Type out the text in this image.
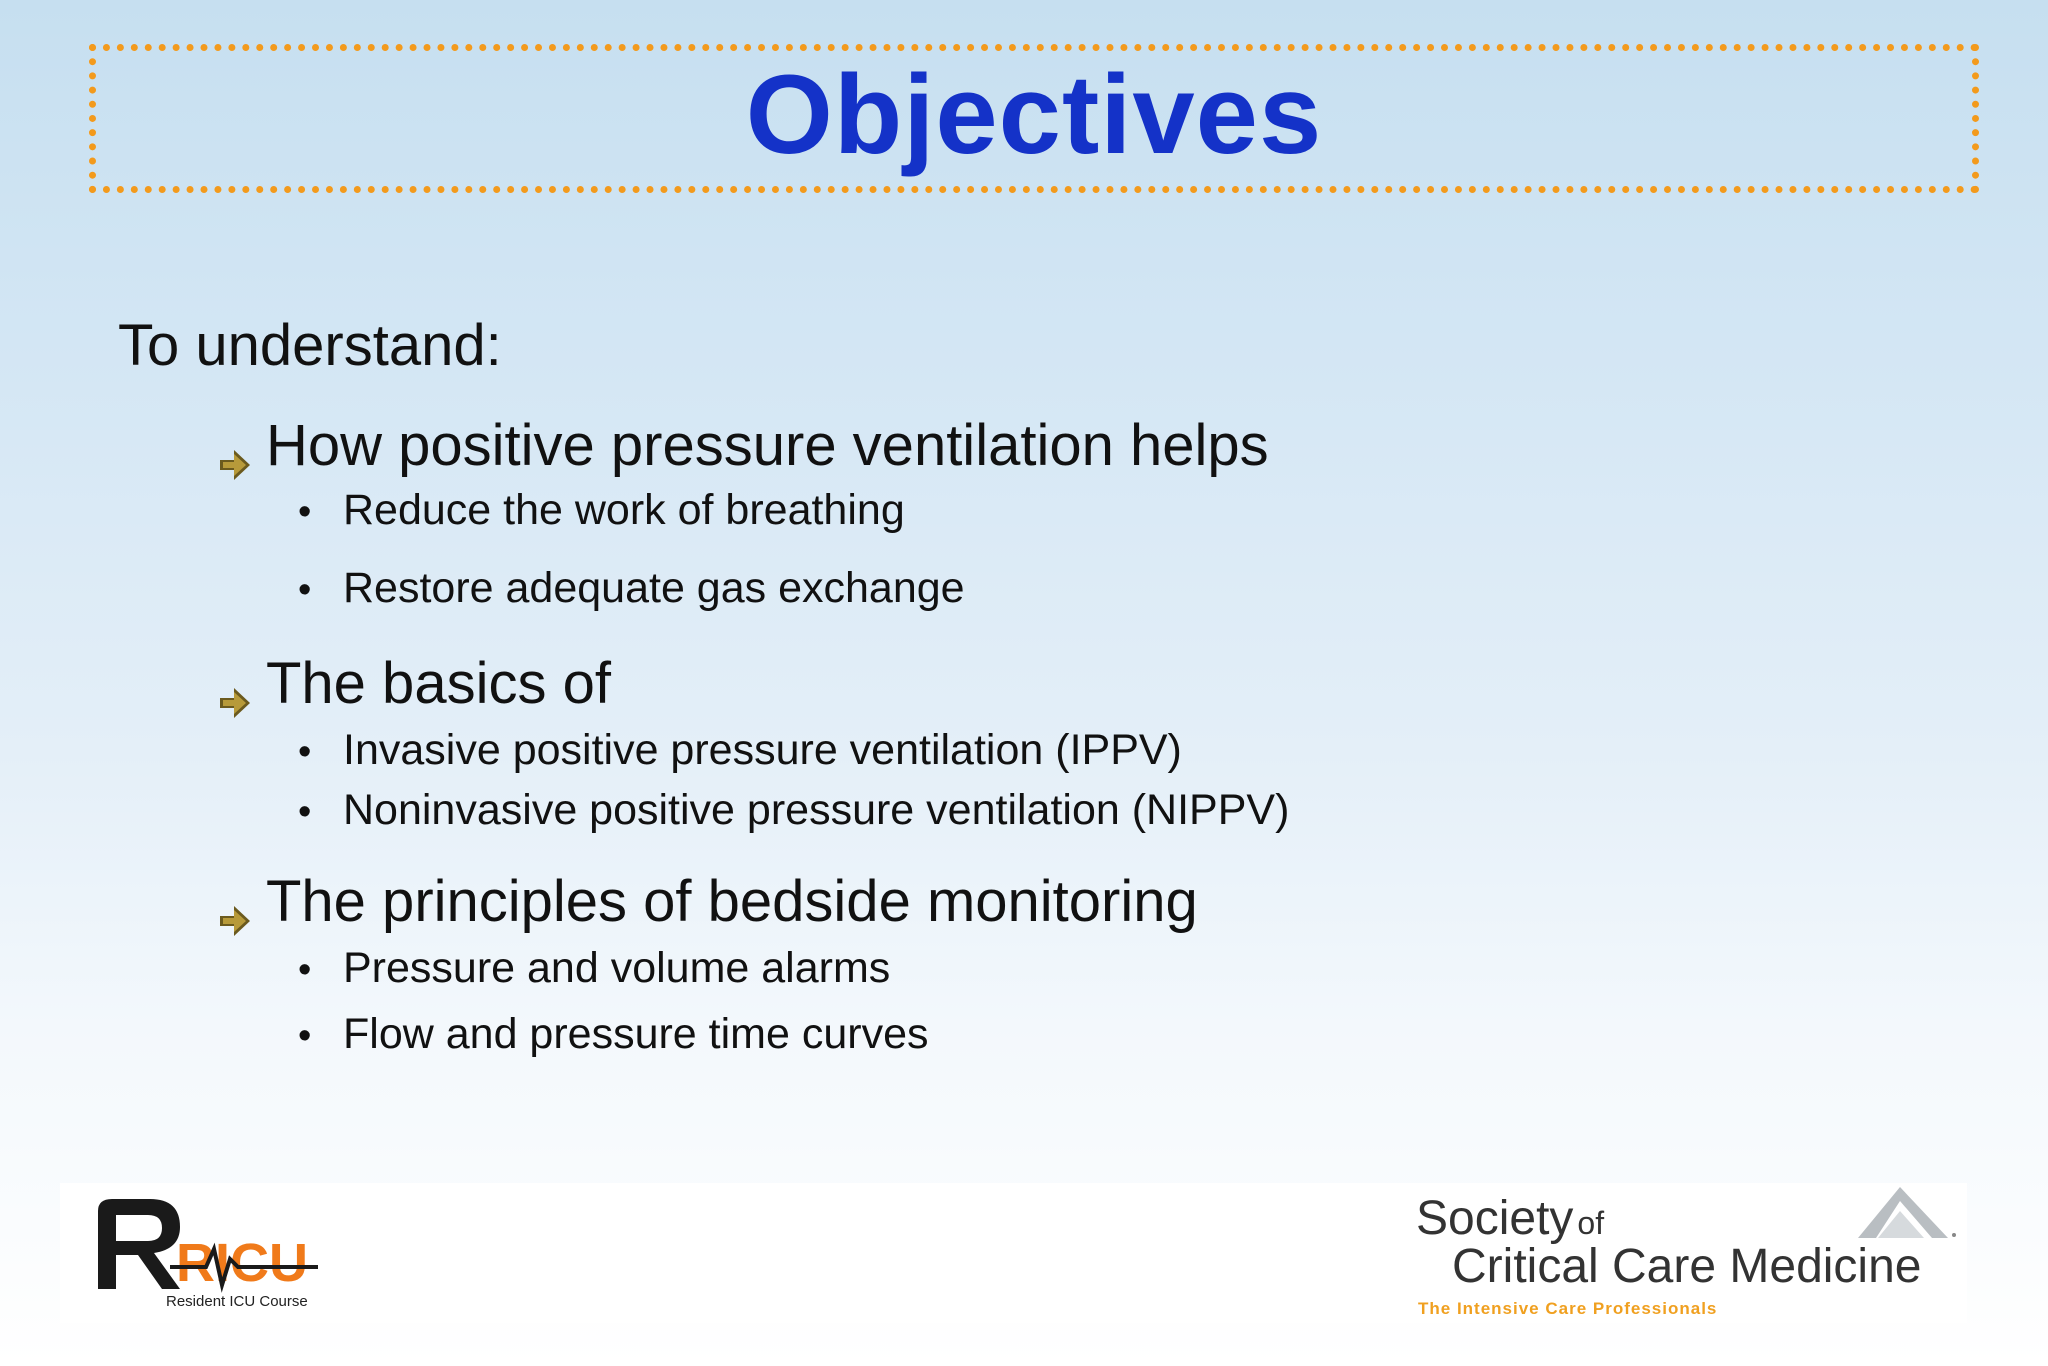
Objectives
To understand:
How positive pressure ventilation helps
• Reduce the work of breathing
• Restore adequate gas exchange
The basics of
• Invasive positive pressure ventilation (IPPV)
• Noninvasive positive pressure ventilation (NIPPV)
The principles of bedside monitoring
• Pressure and volume alarms
• Flow and pressure time curves
RICU
Resident ICU Course
Society of
Critical Care Medicine
The Intensive Care Professionals
